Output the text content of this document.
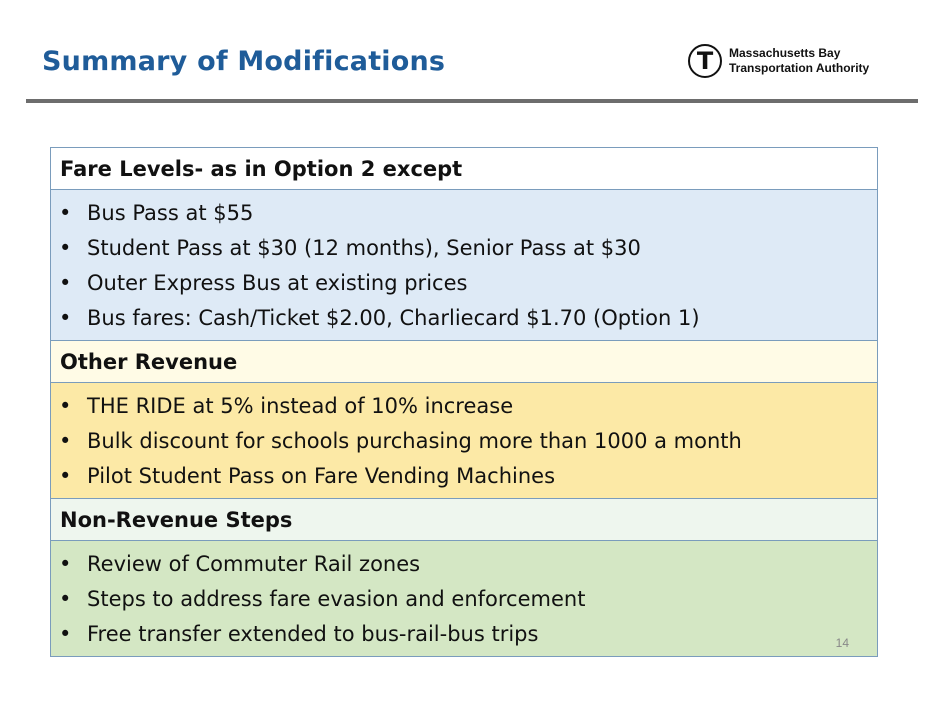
Summary of Modifications	T	Massachusetts Bay
Transportation Authority
Fare Levels- as in Option 2 except
• Bus Pass at $55
• Student Pass at $30 (12 months), Senior Pass at $30
• Outer Express Bus at existing prices
• Bus fares: Cash/Ticket $2.00, Charliecard $1.70 (Option 1)
Other Revenue
• THE RIDE at 5% instead of 10% increase
• Bulk discount for schools purchasing more than 1000 a month
• Pilot Student Pass on Fare Vending Machines
Non-Revenue Steps
• Review of Commuter Rail zones
• Steps to address fare evasion and enforcement
• Free transfer extended to bus-rail-bus trips	14
